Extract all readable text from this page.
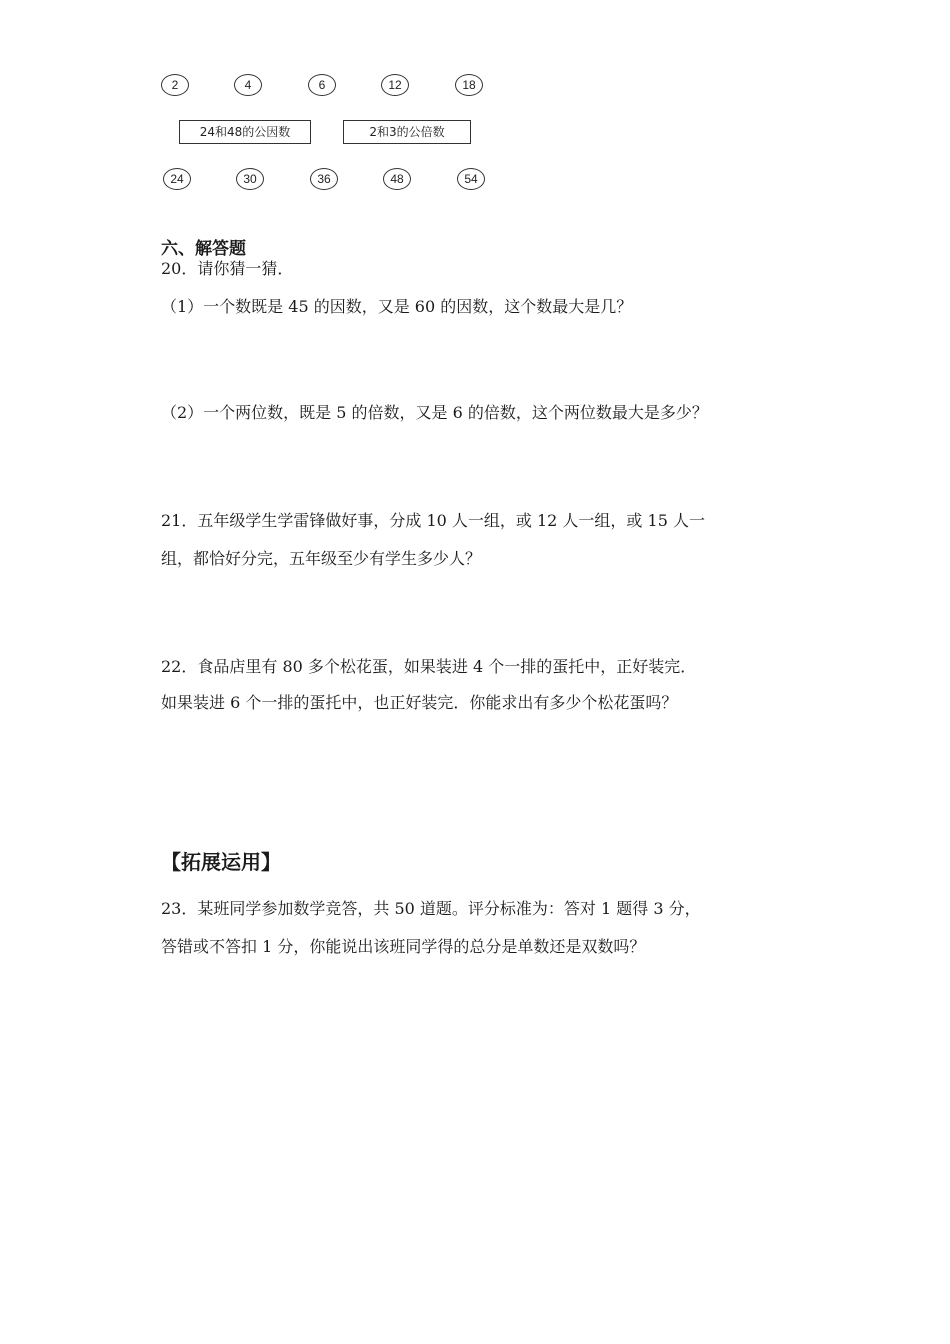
2	4	6	12	18
24和48的公因数	2和3的公倍数
24	30	36	48	54
六、解答题
20．请你猜一猜．
（1）一个数既是 45 的因数，又是 60 的因数，这个数最大是几？
（2）一个两位数，既是 5 的倍数，又是 6 的倍数，这个两位数最大是多少？
21．五年级学生学雷锋做好事，分成 10 人一组，或 12 人一组，或 15 人一
组，都恰好分完，五年级至少有学生多少人？
22．食品店里有 80 多个松花蛋，如果装进 4 个一排的蛋托中，正好装完．
如果装进 6 个一排的蛋托中，也正好装完．你能求出有多少个松花蛋吗？
【拓展运用】
23．某班同学参加数学竞答，共 50 道题。评分标准为：答对 1 题得 3 分，
答错或不答扣 1 分，你能说出该班同学得的总分是单数还是双数吗？
